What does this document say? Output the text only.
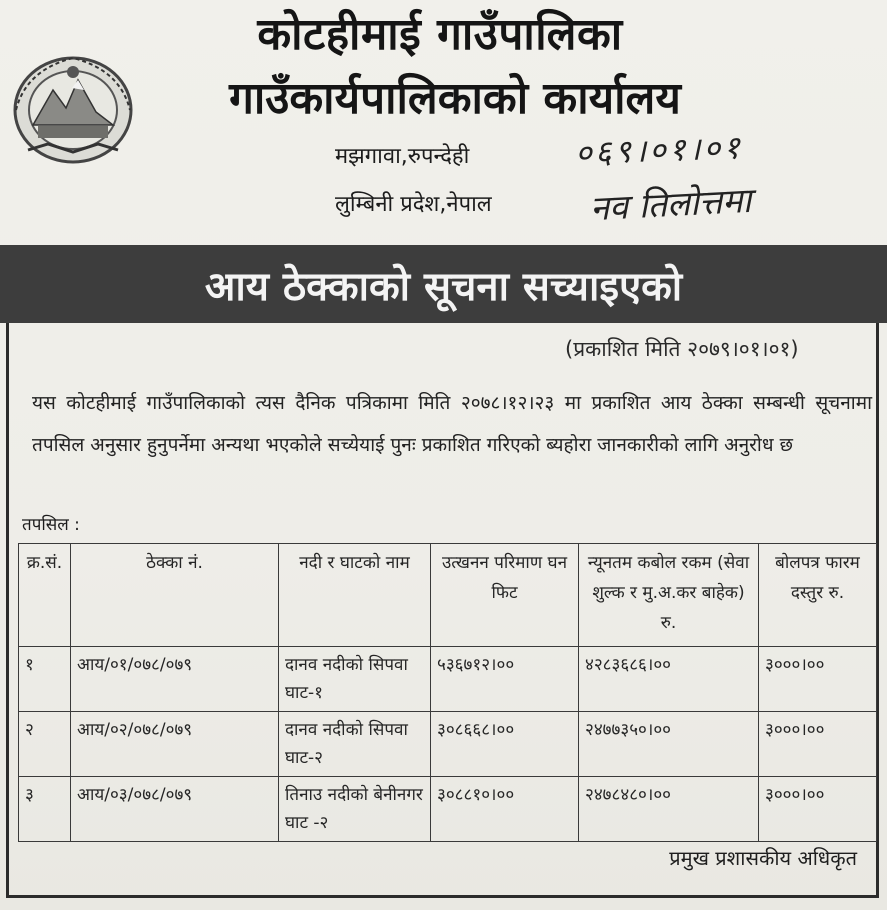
कोटहीमाई गाउँपालिका
गाउँकार्यपालिकाको कार्यालय
मझगावा,रुपन्देही
लुम्बिनी प्रदेश,नेपाल
०६९।०१।०१
नव तिलोत्तमा
आय ठेक्काको सूचना सच्याइएको
(प्रकाशित मिति २०७९।०१।०१)

यस कोटहीमाई गाउँपालिकाको त्यस दैनिक पत्रिकामा मिति २०७८।१२।२३ मा प्रकाशित आय ठेक्का सम्बन्धी सूचनामा तपसिल अनुसार हुनुपर्नेमा अन्यथा भएकोले सच्येयाई पुनः प्रकाशित गरिएको ब्यहोरा जानकारीको लागि अनुरोध छ

तपसिल :
क्र.सं.	ठेक्का नं.	नदी र घाटको नाम	उत्खनन परिमाण घन फिट	न्यूनतम कबोल रकम (सेवा शुल्क र मु.अ.कर बाहेक) रु.	बोलपत्र फारम दस्तुर रु.
१	आय/०१/०७८/०७९	दानव नदीको सिपवा घाट-१	५३६७१२।००	४२८३६८६।००	३०००।००
२	आय/०२/०७८/०७९	दानव नदीको सिपवा घाट-२	३०८६६८।००	२४७७३५०।००	३०००।००
३	आय/०३/०७८/०७९	तिनाउ नदीको बेनीनगर घाट -२	३०८८१०।००	२४७८४८०।००	३०००।००
प्रमुख प्रशासकीय अधिकृत
